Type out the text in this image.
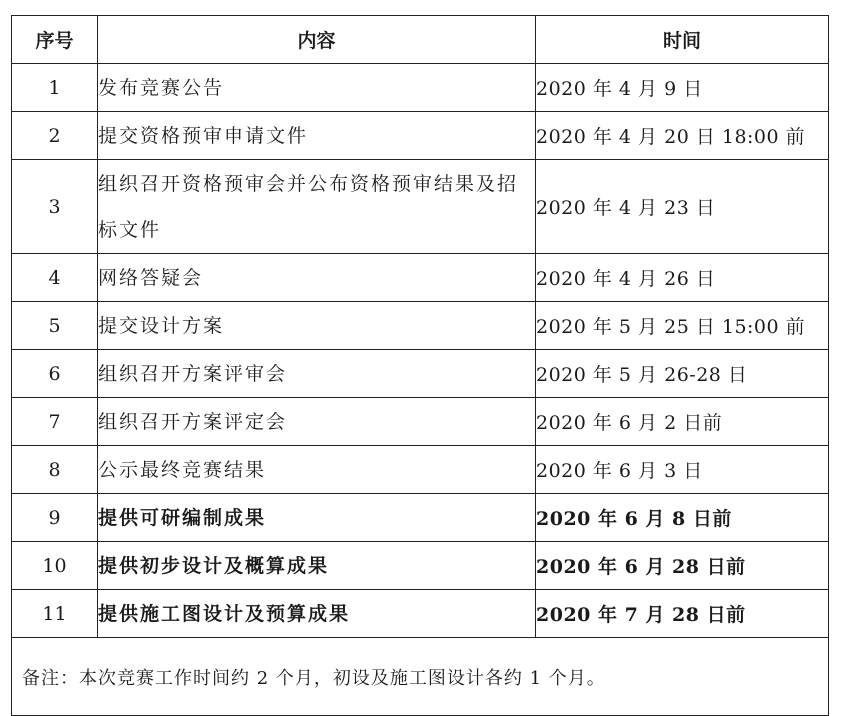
序号	内容	时间
1	发布竞赛公告	2020 年 4 月 9 日
2	提交资格预审申请文件	2020 年 4 月 20 日 18:00 前
3	组织召开资格预审会并公布资格预审结果及招标文件	2020 年 4 月 23 日
4	网络答疑会	2020 年 4 月 26 日
5	提交设计方案	2020 年 5 月 25 日 15:00 前
6	组织召开方案评审会	2020 年 5 月 26-28 日
7	组织召开方案评定会	2020 年 6 月 2 日前
8	公示最终竞赛结果	2020 年 6 月 3 日
9	提供可研编制成果	2020 年 6 月 8 日前
10	提供初步设计及概算成果	2020 年 6 月 28 日前
11	提供施工图设计及预算成果	2020 年 7 月 28 日前
备注：本次竞赛工作时间约 2 个月，初设及施工图设计各约 1 个月。		
